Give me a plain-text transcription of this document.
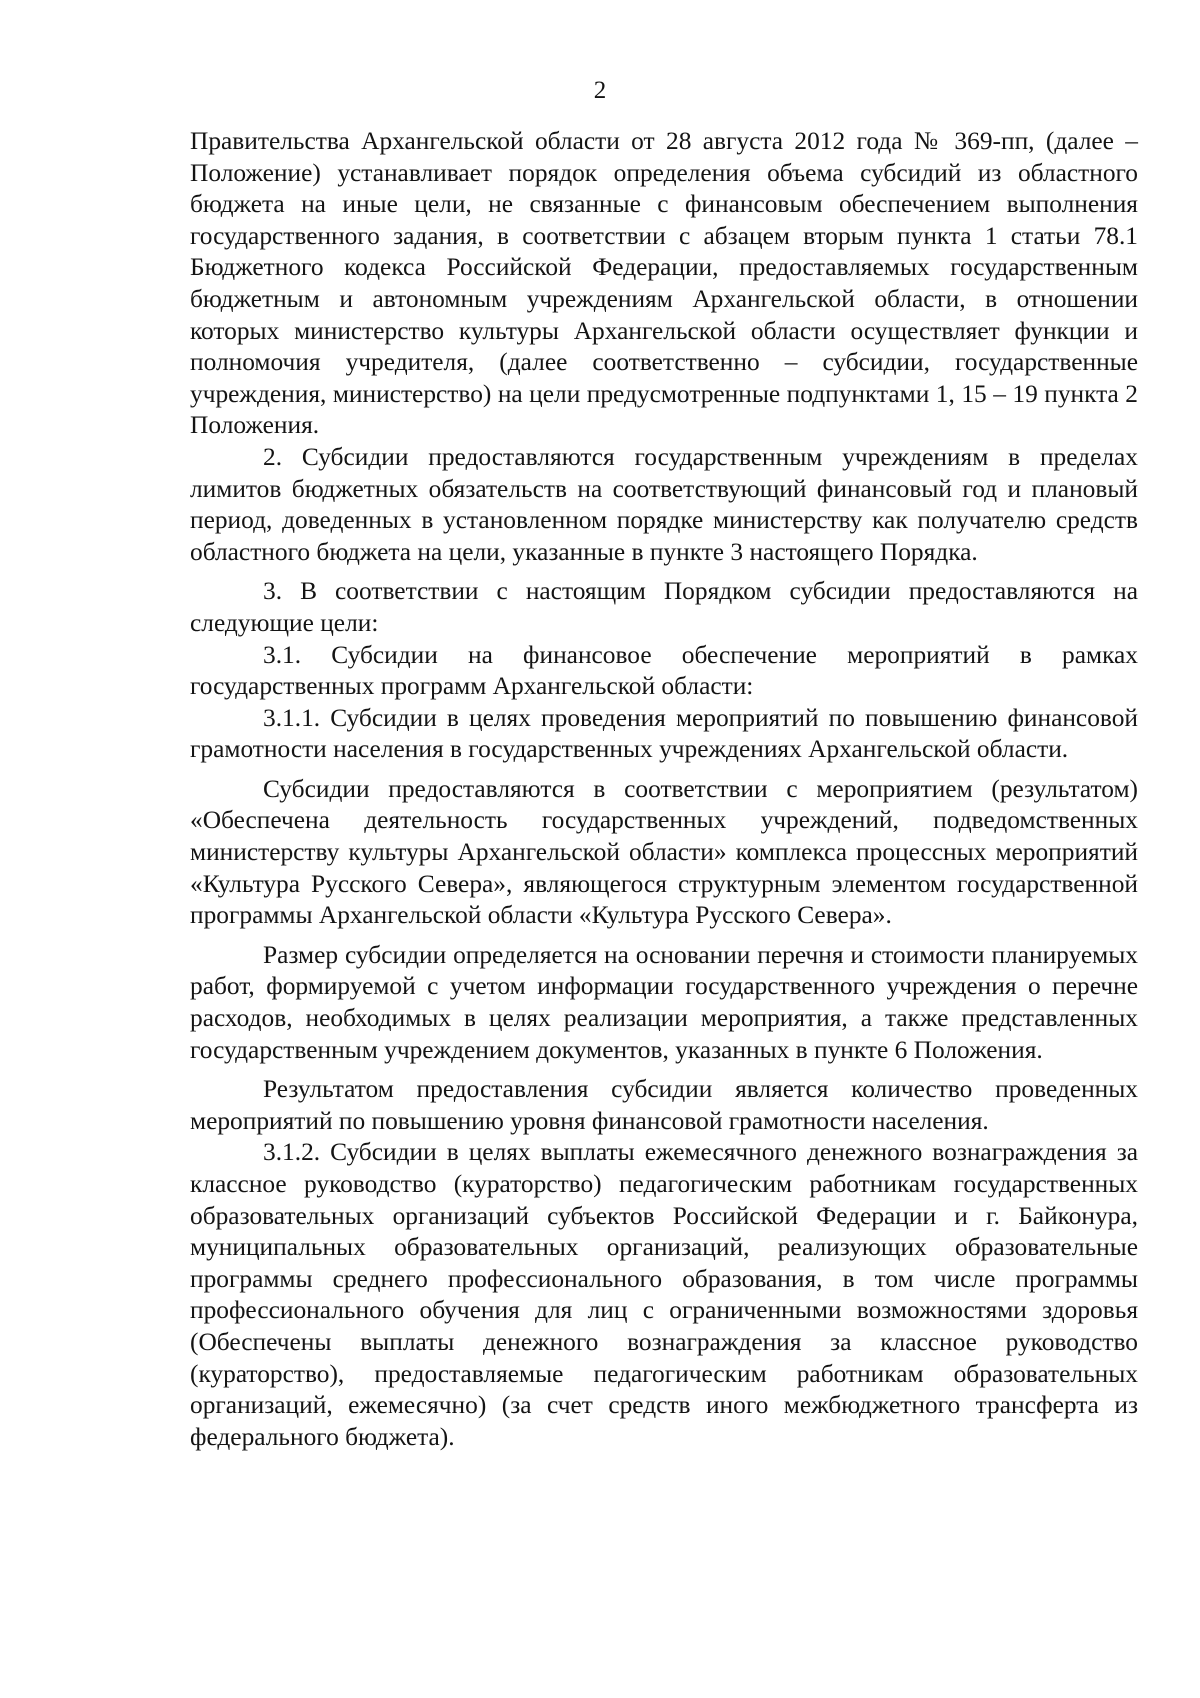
2

Правительства Архангельской области от 28 августа 2012 года № 369-пп, (далее – Положение) устанавливает порядок определения объема субсидий из областного бюджета на иные цели, не связанные с финансовым обеспечением выполнения государственного задания, в соответствии с абзацем вторым пункта 1 статьи 78.1 Бюджетного кодекса Российской Федерации, предоставляемых государственным бюджетным и автономным учреждениям Архангельской области, в отношении которых министерство культуры Архангельской области осуществляет функции и полномочия учредителя, (далее соответственно – субсидии, государственные учреждения, министерство) на цели предусмотренные подпунктами 1, 15 – 19 пункта 2 Положения.

2. Субсидии предоставляются государственным учреждениям в пределах лимитов бюджетных обязательств на соответствующий финансовый год и плановый период, доведенных в установленном порядке министерству как получателю средств областного бюджета на цели, указанные в пункте 3 настоящего Порядка.

3. В соответствии с настоящим Порядком субсидии предоставляются на следующие цели:

3.1. Субсидии на финансовое обеспечение мероприятий в рамках государственных программ Архангельской области:

3.1.1. Субсидии в целях проведения мероприятий по повышению финансовой грамотности населения в государственных учреждениях Архангельской области.

Субсидии предоставляются в соответствии с мероприятием (результатом) «Обеспечена деятельность государственных учреждений, подведомственных министерству культуры Архангельской области» комплекса процессных мероприятий «Культура Русского Севера», являющегося структурным элементом государственной программы Архангельской области «Культура Русского Севера».

Размер субсидии определяется на основании перечня и стоимости планируемых работ, формируемой с учетом информации государственного учреждения о перечне расходов, необходимых в целях реализации мероприятия, а также представленных государственным учреждением документов, указанных в пункте 6 Положения.

Результатом предоставления субсидии является количество проведенных мероприятий по повышению уровня финансовой грамотности населения.

3.1.2. Субсидии в целях выплаты ежемесячного денежного вознаграждения за классное руководство (кураторство) педагогическим работникам государственных образовательных организаций субъектов Российской Федерации и г. Байконура, муниципальных образовательных организаций, реализующих образовательные программы среднего профессионального образования, в том числе программы профессионального обучения для лиц с ограниченными возможностями здоровья (Обеспечены выплаты денежного вознаграждения за классное руководство (кураторство), предоставляемые педагогическим работникам образовательных организаций, ежемесячно) (за счет средств иного межбюджетного трансферта из федерального бюджета).
